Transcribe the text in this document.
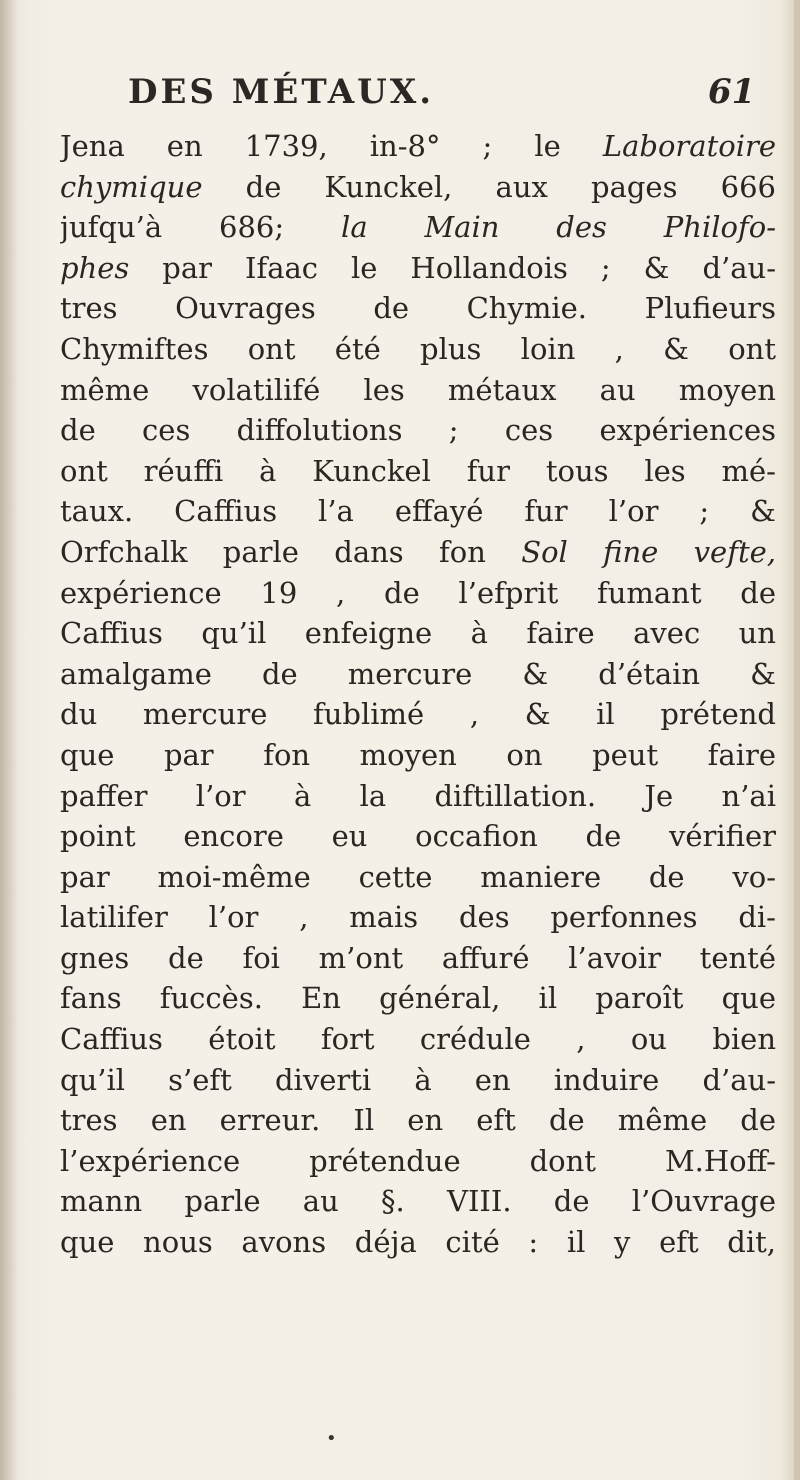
DES MÉTAUX.	61
Jena en 1739, in-8° ; le Laboratoire
chymique de Kunckel, aux pages 666
jufqu’à 686; la Main des Philofo-
phes par Ifaac le Hollandois ; & d’au-
tres Ouvrages de Chymie. Plufieurs
Chymiftes ont été plus loin , & ont
même volatilifé les métaux au moyen
de ces diffolutions ; ces expériences
ont réuffi à Kunckel fur tous les mé-
taux. Caffius l’a effayé fur l’or ; &
Orfchalk parle dans fon Sol fine vefte,
expérience 19 , de l’efprit fumant de
Caffius qu’il enfeigne à faire avec un
amalgame de mercure & d’étain &
du mercure fublimé , & il prétend
que par fon moyen on peut faire
paffer l’or à la diftillation. Je n’ai
point encore eu occafion de vérifier
par moi-même cette maniere de vo-
latilifer l’or , mais des perfonnes di-
gnes de foi m’ont affuré l’avoir tenté
fans fuccès. En général, il paroît que
Caffius étoit fort crédule , ou bien
qu’il s’eft diverti à en induire d’au-
tres en erreur. Il en eft de même de
l’expérience prétendue dont M.Hoff-
mann parle au §. VIII. de l’Ouvrage
que nous avons déja cité : il y eft dit,
•
